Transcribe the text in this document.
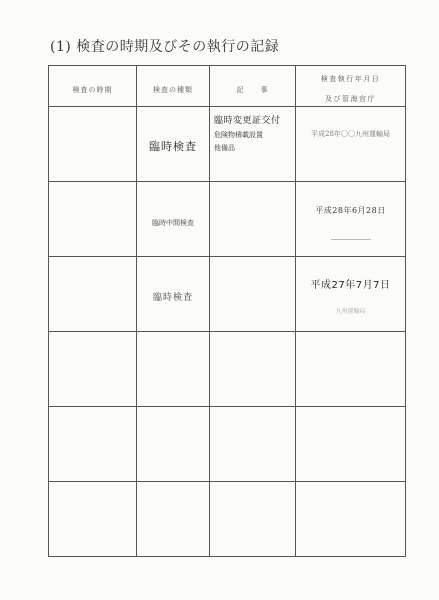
(1) 検査の時期及びその執行の記録
検査の時期	検査の種類	記　　事	検査執行年月日
及び管海官庁
	臨時検査	臨時変更証交付
危険物積載設置
他備品	平成28年〇〇九州運輸局

	臨時中間検査		平成28年6月28日

	臨時検査		平成27年7月7日
九州運輸局
